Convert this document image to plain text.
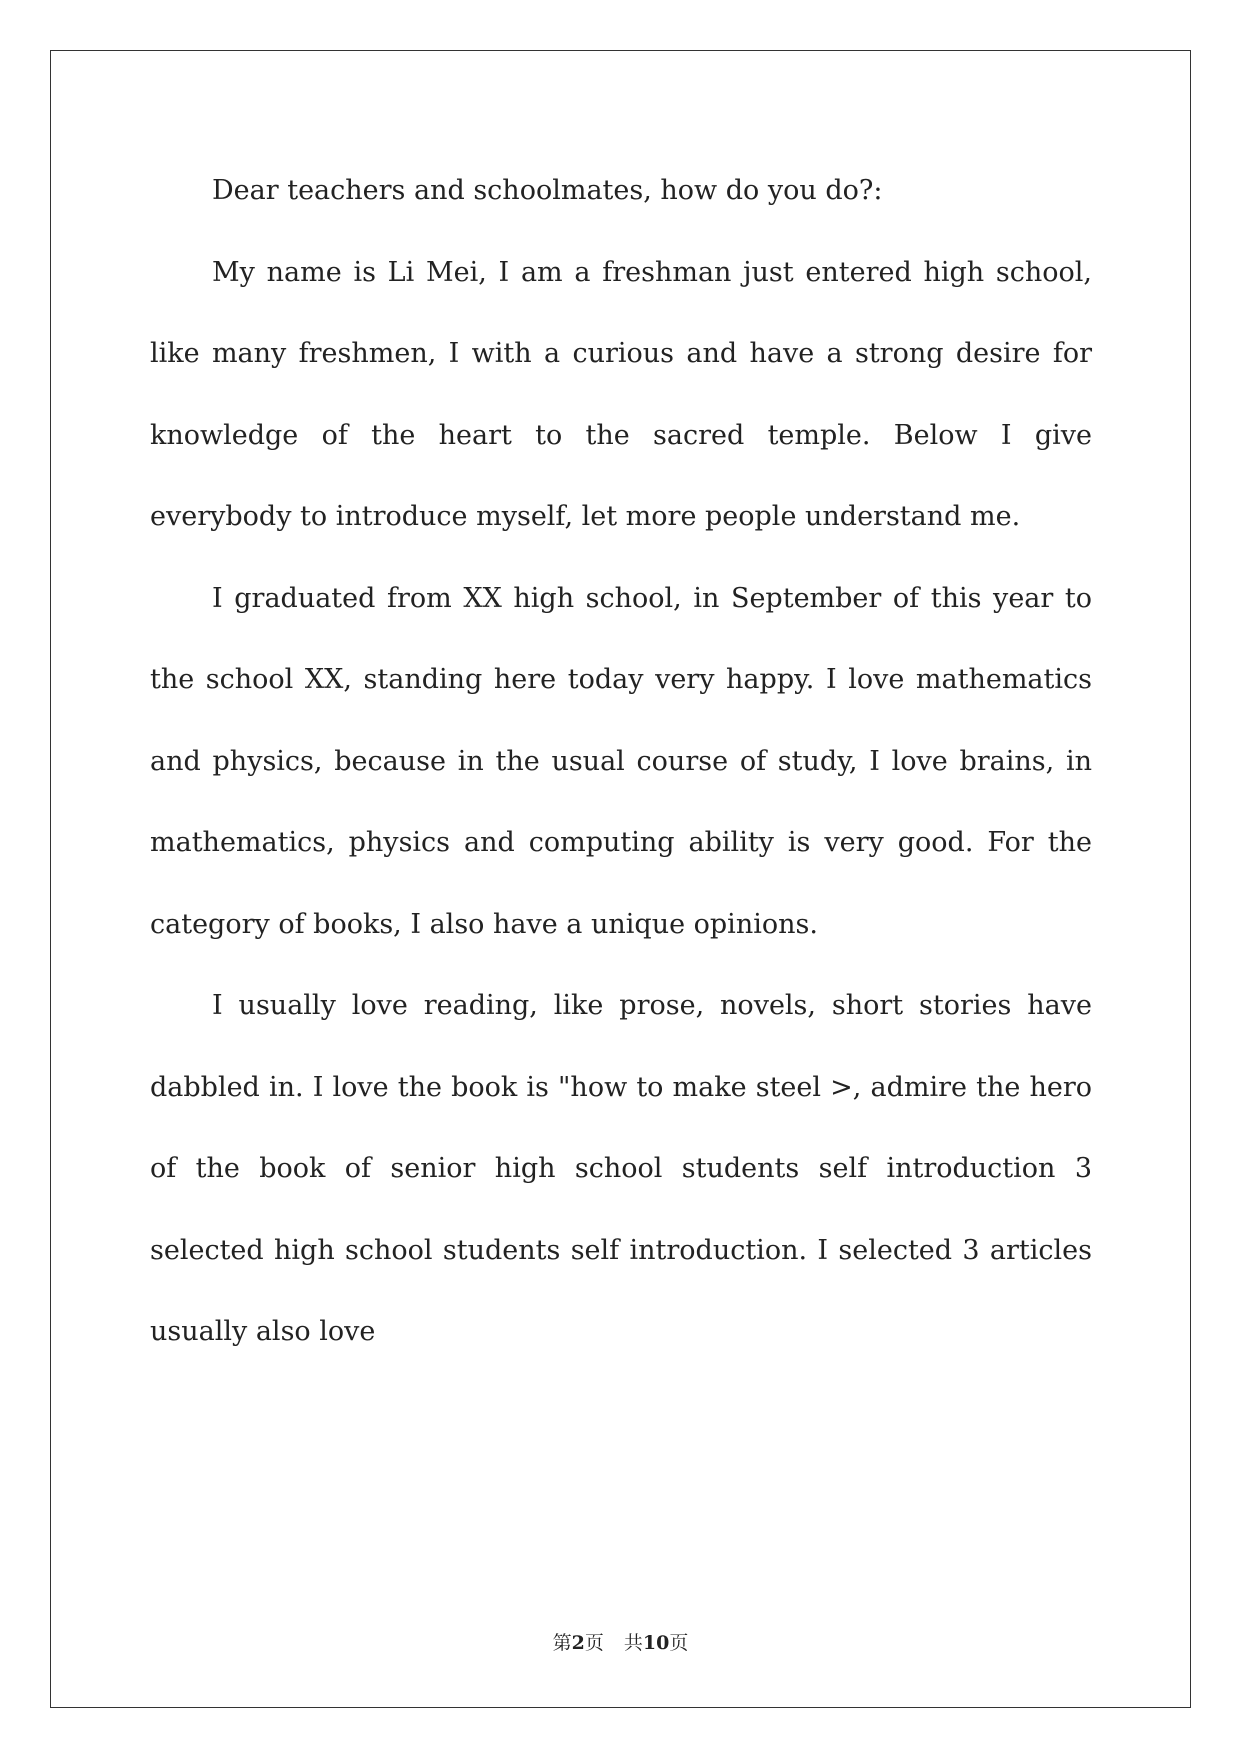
Dear teachers and schoolmates, how do you do?:

My name is Li Mei, I am a freshman just entered high school, like many freshmen, I with a curious and have a strong desire for knowledge of the heart to the sacred temple. Below I give everybody to introduce myself, let more people understand me.

I graduated from XX high school, in September of this year to the school XX, standing here today very happy. I love mathematics and physics, because in the usual course of study, I love brains, in mathematics, physics and computing ability is very good. For the category of books, I also have a unique opinions.

I usually love reading, like prose, novels, short stories have dabbled in. I love the book is "how to make steel >, admire the hero of the book of senior high school students self introduction 3 selected high school students self introduction. I selected 3 articles usually also love

第2页 共10页
